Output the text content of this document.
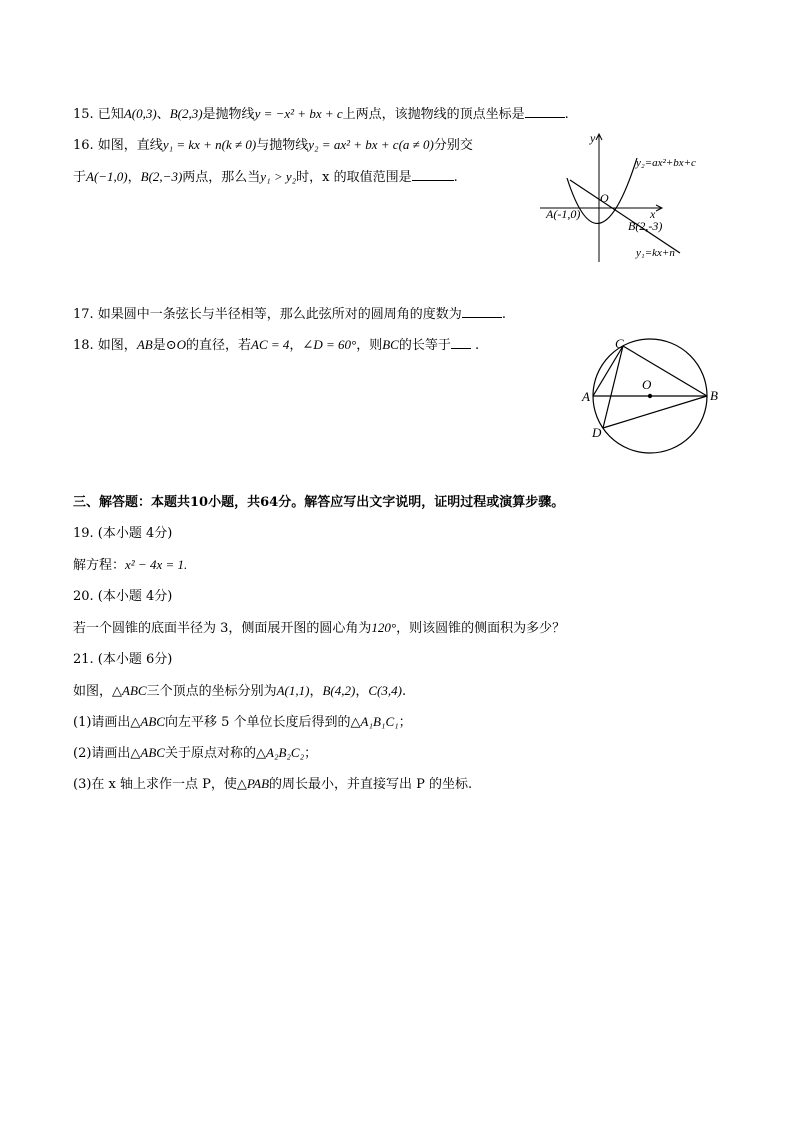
15. 已知A(0,3)、B(2,3)是抛物线y = −x² + bx + c上两点，该抛物线的顶点坐标是	.
16. 如图，直线y₁ = kx + n(k ≠ 0)与抛物线y₂ = ax² + bx + c(a ≠ 0)分别交
于A(−1,0)，B(2,−3)两点，那么当y₁ > y₂时，x 的取值范围是	.
y
x
O
A(-1,0)
B(2,-3)
y₂=ax²+bx+c
y₁=kx+n
17. 如果圆中一条弦长与半径相等，那么此弦所对的圆周角的度数为	.
18. 如图，AB是⊙O的直径，若AC = 4，∠D = 60°，则BC的长等于 .	C
O
A	B
D
三、解答题：本题共10小题，共64分。解答应写出文字说明，证明过程或演算步骤。
19. (本小题 4分)
解方程：x² − 4x = 1.
20. (本小题 4分)
若一个圆锥的底面半径为 3，侧面展开图的圆心角为120°，则该圆锥的侧面积为多少？
21. (本小题 6分)
如图，△ABC三个顶点的坐标分别为A(1,1)，B(4,2)，C(3,4).
(1)请画出△ABC向左平移 5 个单位长度后得到的△A₁B₁C₁；
(2)请画出△ABC关于原点对称的△A₂B₂C₂；
(3)在 x 轴上求作一点 P，使△PAB的周长最小，并直接写出 P 的坐标.
